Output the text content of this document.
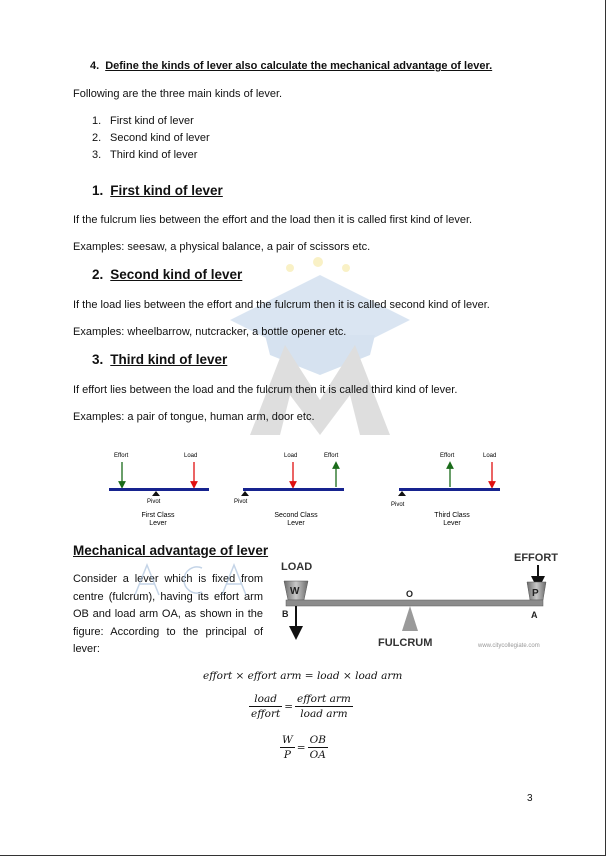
4. Define the kinds of lever also calculate the mechanical advantage of lever.
Following are the three main kinds of lever.
1. First kind of lever
2. Second kind of lever
3. Third kind of lever
1. First kind of lever
If the fulcrum lies between the effort and the load then it is called first kind of lever.
Examples: seesaw, a physical balance, a pair of scissors etc.
2. Second kind of lever
If the load lies between the effort and the fulcrum then it is called second kind of lever.
Examples: wheelbarrow, nutcracker, a bottle opener etc.
3. Third kind of lever
If effort lies between the load and the fulcrum then it is called third kind of lever.
Examples: a pair of tongue, human arm, door etc.
Effort	Load
Pivot
First Class
Lever
Load	Effort
Pivot
Second Class
Lever
Effort	Load
Pivot
Third Class
Lever
Mechanical advantage of lever
Consider a lever which is fixed from centre (fulcrum), having its effort arm OB and load arm OA, as shown in the figure: According to the principal of lever:
LOAD
EFFORT
W	P
B
O
A
FULCRUM	www.citycollegiate.com
effort × effort arm = load × load arm
$\frac{\text{load}}{\text{effort}} = \frac{\text{effort arm}}{\text{load arm}}$
$\frac{W}{P} = \frac{OB}{OA}$
3
